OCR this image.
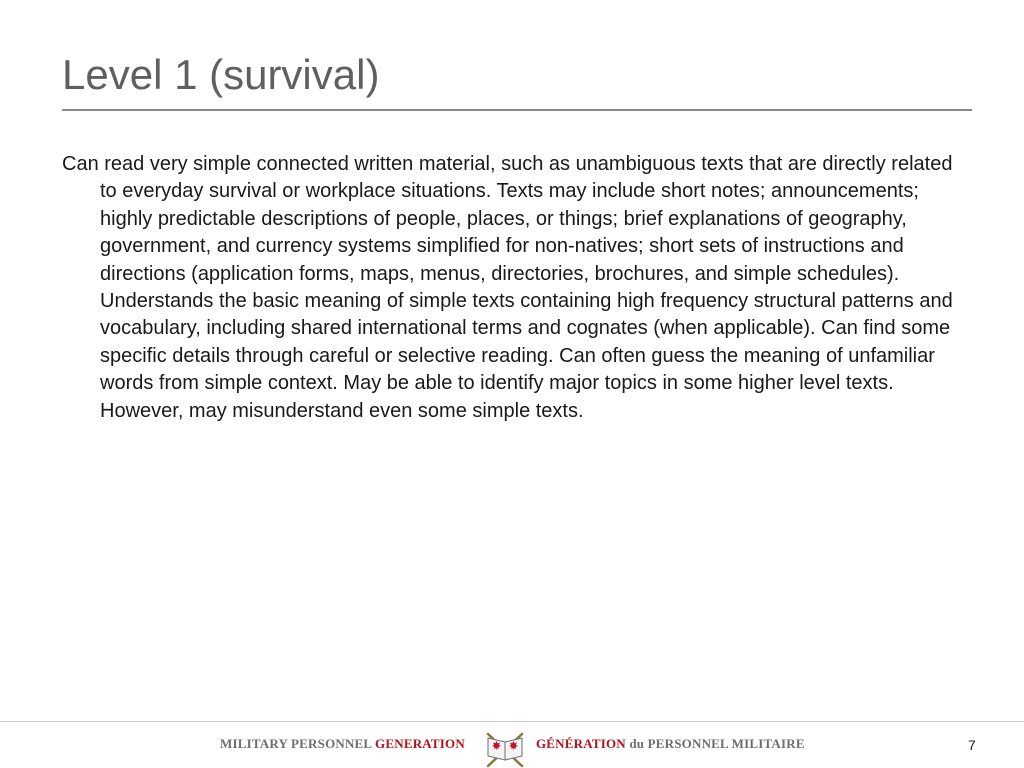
Level 1 (survival)

Can read very simple connected written material, such as unambiguous texts that are directly related to everyday survival or workplace situations. Texts may include short notes; announcements; highly predictable descriptions of people, places, or things; brief explanations of geography, government, and currency systems simplified for non-natives; short sets of instructions and directions (application forms, maps, menus, directories, brochures, and simple schedules). Understands the basic meaning of simple texts containing high frequency structural patterns and vocabulary, including shared international terms and cognates (when applicable). Can find some specific details through careful or selective reading. Can often guess the meaning of unfamiliar words from simple context. May be able to identify major topics in some higher level texts. However, may misunderstand even some simple texts.

MILITARY PERSONNEL GENERATION	GÉNÉRATION du PERSONNEL MILITAIRE	7
